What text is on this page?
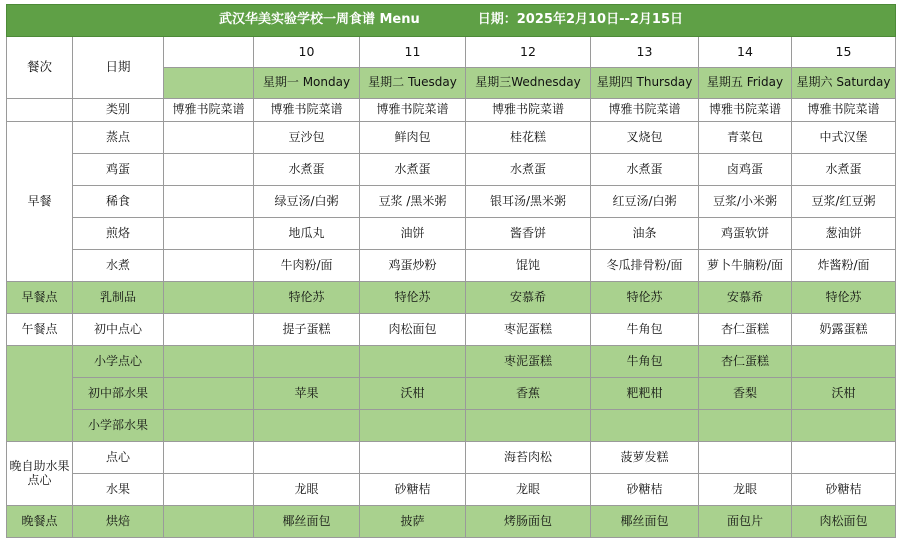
武汉华美实验学校一周食谱 Menu 日期：2025年2月10日--2月15日								
餐次	日期		10	11	12	13	14	15
			星期一 Monday	星期二 Tuesday	星期三Wednesday	星期四 Thursday	星期五 Friday	星期六 Saturday
	类别	博雅书院菜谱	博雅书院菜谱	博雅书院菜谱	博雅书院菜谱	博雅书院菜谱	博雅书院菜谱	博雅书院菜谱
早餐	蒸点		豆沙包	鲜肉包	桂花糕	叉烧包	青菜包	中式汉堡
	鸡蛋		水煮蛋	水煮蛋	水煮蛋	水煮蛋	卤鸡蛋	水煮蛋
	稀食		绿豆汤/白粥	豆浆 /黑米粥	银耳汤/黑米粥	红豆汤/白粥	豆浆/小米粥	豆浆/红豆粥
	煎烙		地瓜丸	油饼	酱香饼	油条	鸡蛋软饼	葱油饼
	水煮		牛肉粉/面	鸡蛋炒粉	馄饨	冬瓜排骨粉/面	萝卜牛腩粉/面	炸酱粉/面
早餐点	乳制品		特伦苏	特伦苏	安慕希	特伦苏	安慕希	特伦苏
午餐点	初中点心		提子蛋糕	肉松面包	枣泥蛋糕	牛角包	杏仁蛋糕	奶露蛋糕
	小学点心				枣泥蛋糕	牛角包	杏仁蛋糕	
	初中部水果		苹果	沃柑	香蕉	粑粑柑	香梨	沃柑
	小学部水果							
晚自助水果点心	点心				海苔肉松	菠萝发糕		
	水果		龙眼	砂糖桔	龙眼	砂糖桔	龙眼	砂糖桔
晚餐点	烘焙		椰丝面包	披萨	烤肠面包	椰丝面包	面包片	肉松面包
